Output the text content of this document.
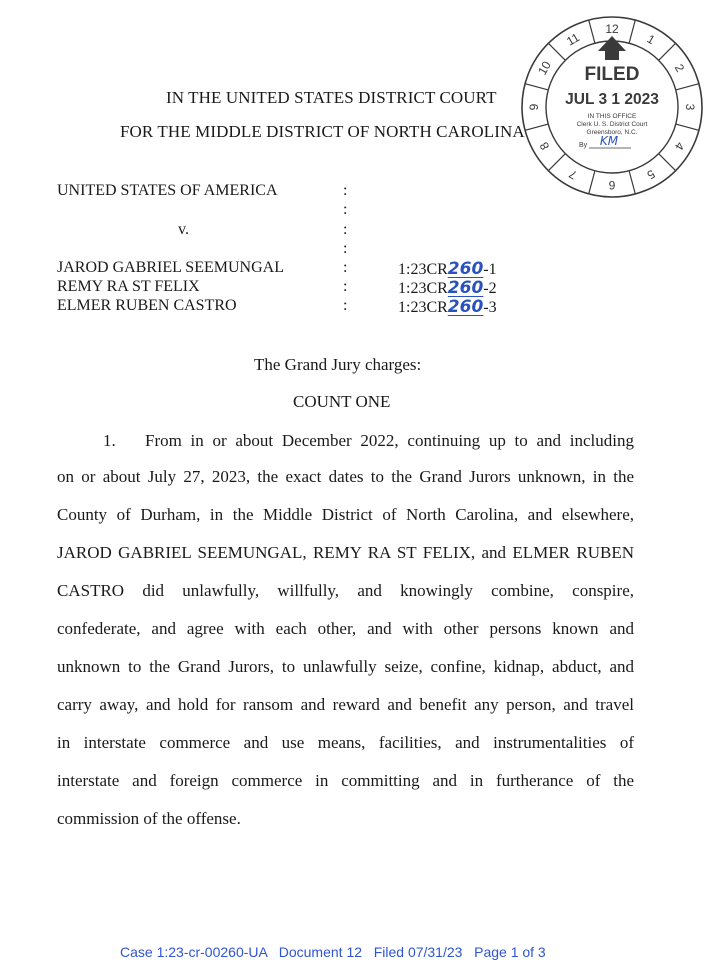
IN THE UNITED STATES DISTRICT COURT
FOR THE MIDDLE DISTRICT OF NORTH CAROLINA
UNITED STATES OF AMERICA
v.
JAROD GABRIEL SEEMUNGAL
REMY RA ST FELIX
ELMER RUBEN CASTRO
:
:
:
:
:
:
:
1:23CR260-1
1:23CR260-2
1:23CR260-3
The Grand Jury charges:
COUNT ONE
1. From in or about December 2022, continuing up to and including
on or about July 27, 2023, the exact dates to the Grand Jurors unknown, in the
County of Durham, in the Middle District of North Carolina, and elsewhere,
JAROD GABRIEL SEEMUNGAL, REMY RA ST FELIX, and ELMER RUBEN
CASTRO did unlawfully, willfully, and knowingly combine, conspire,
confederate, and agree with each other, and with other persons known and
unknown to the Grand Jurors, to unlawfully seize, confine, kidnap, abduct, and
carry away, and hold for ransom and reward and benefit any person, and travel
in interstate commerce and use means, facilities, and instrumentalities of
interstate and foreign commerce in committing and in furtherance of the
commission of the offense.
Case 1:23-cr-00260-UA Document 12 Filed 07/31/23 Page 1 of 3
1
2
3
4
5
6
7
8
9
10
11
12
FILED
JUL 3 1 2023
IN THIS OFFICE
Clerk U. S. District Court
Greensboro, N.C.
By KM
